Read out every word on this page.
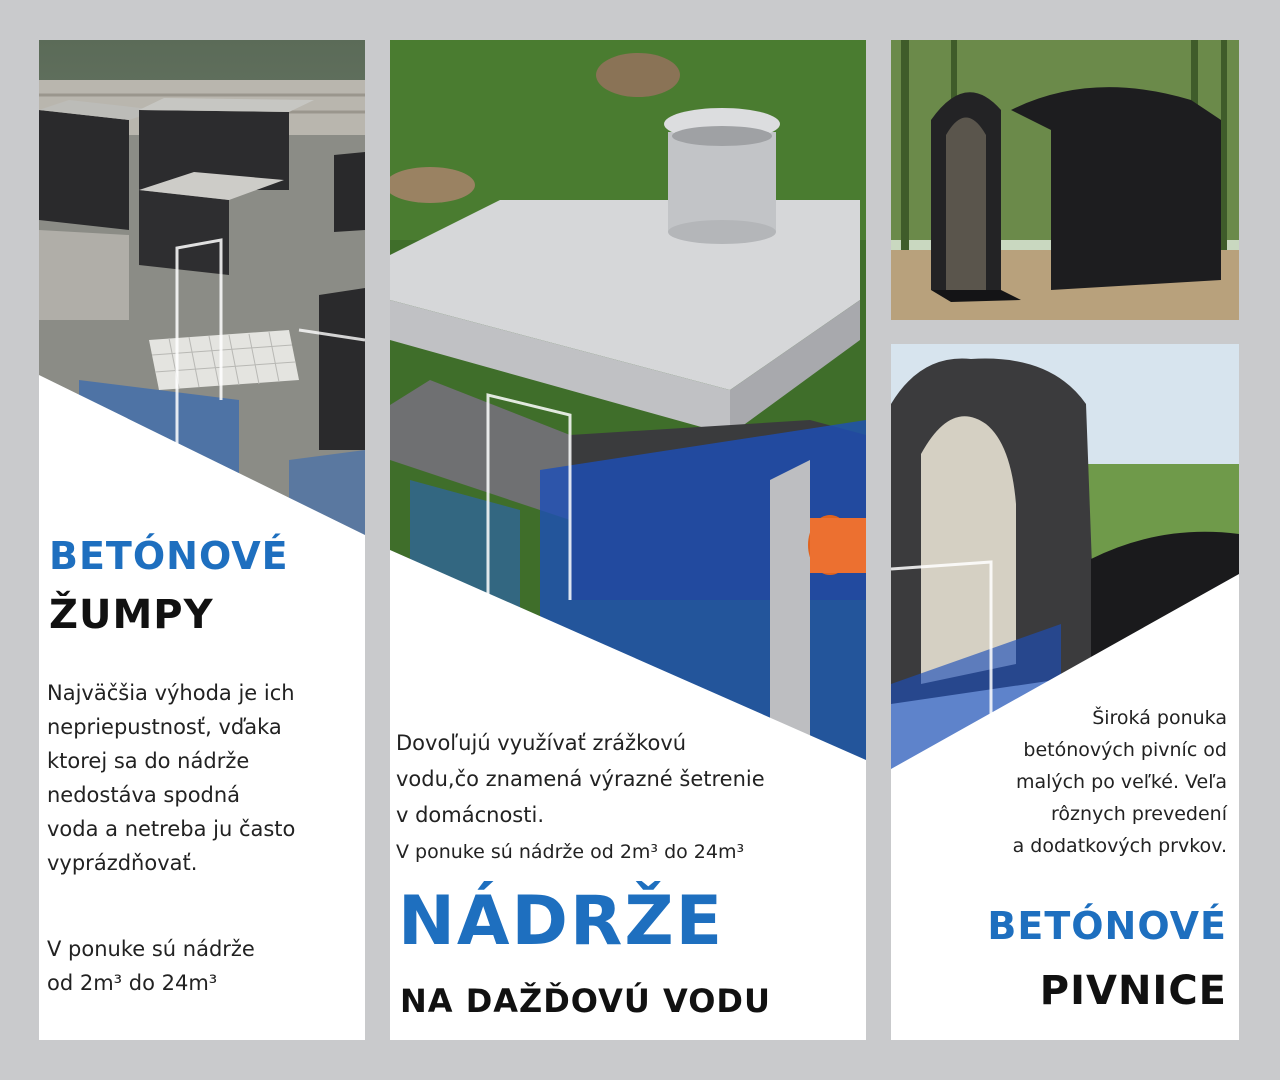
BETÓNOVÉ
ŽUMPY
Najväčšia výhoda je ich
nepriepustnosť, vďaka
ktorej sa do nádrže
nedostáva spodná
voda a netreba ju často
vyprázdňovať.
V ponuke sú nádrže
od 2m³ do 24m³
Dovoľujú využívať zrážkovú
vodu,čo znamená výrazné šetrenie
v domácnosti.
V ponuke sú nádrže od 2m³ do 24m³
NÁDRŽE
NA DAŽĎOVÚ VODU
Široká ponuka
betónových pivníc od
malých po veľké. Veľa
rôznych prevedení
a dodatkových prvkov.
BETÓNOVÉ
PIVNICE
